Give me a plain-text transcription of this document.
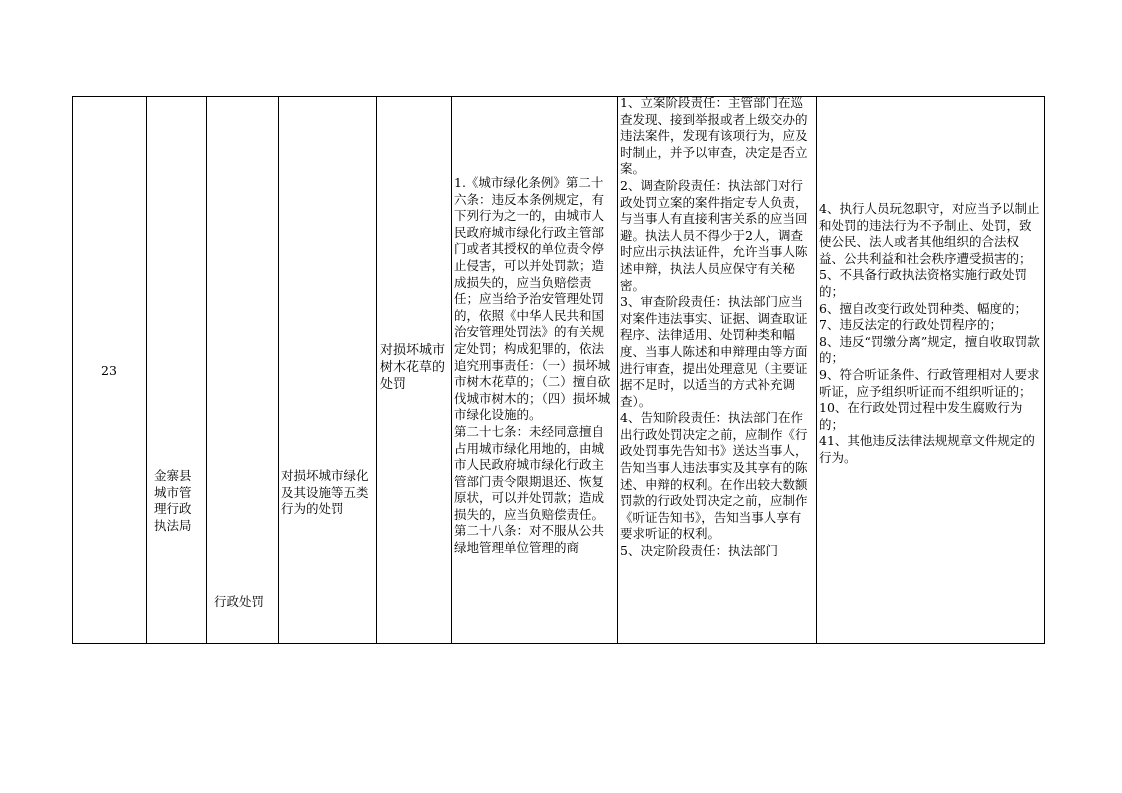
23
金寨县城市管理行政执法局
行政处罚
对损坏城市绿化及其设施等五类行为的处罚
对损坏城市树木花草的处罚
1.《城市绿化条例》第二十六条：违反本条例规定，有下列行为之一的，由城市人民政府城市绿化行政主管部门或者其授权的单位责令停止侵害，可以并处罚款；造成损失的，应当负赔偿责任；应当给予治安管理处罚的，依照《中华人民共和国治安管理处罚法》的有关规定处罚；构成犯罪的，依法追究刑事责任：（一）损坏城市树木花草的；（二）擅自砍伐城市树木的；（四）损坏城市绿化设施的。
第二十七条：未经同意擅自占用城市绿化用地的，由城市人民政府城市绿化行政主管部门责令限期退还、恢复原状，可以并处罚款；造成损失的，应当负赔偿责任。
第二十八条：对不服从公共绿地管理单位管理的商
1、立案阶段责任：主管部门在巡查发现、接到举报或者上级交办的违法案件，发现有该项行为，应及时制止，并予以审查，决定是否立案。
2、调查阶段责任：执法部门对行政处罚立案的案件指定专人负责，与当事人有直接利害关系的应当回避。执法人员不得少于2人，调查时应出示执法证件，允许当事人陈述申辩，执法人员应保守有关秘密。
3、审查阶段责任：执法部门应当对案件违法事实、证据、调查取证程序、法律适用、处罚种类和幅度、当事人陈述和申辩理由等方面进行审查，提出处理意见（主要证据不足时，以适当的方式补充调查）。
4、告知阶段责任：执法部门在作出行政处罚决定之前，应制作《行政处罚事先告知书》送达当事人，告知当事人违法事实及其享有的陈述、申辩的权利。在作出较大数额罚款的行政处罚决定之前，应制作《听证告知书》，告知当事人享有要求听证的权利。
5、决定阶段责任：执法部门
4、执行人员玩忽职守，对应当予以制止和处罚的违法行为不予制止、处罚，致使公民、法人或者其他组织的合法权益、公共利益和社会秩序遭受损害的；
5、不具备行政执法资格实施行政处罚的；
6、擅自改变行政处罚种类、幅度的；
7、违反法定的行政处罚程序的；
8、违反“罚缴分离”规定，擅自收取罚款的；
9、符合听证条件、行政管理相对人要求听证，应予组织听证而不组织听证的；
10、在行政处罚过程中发生腐败行为的；
41、其他违反法律法规规章文件规定的行为。
